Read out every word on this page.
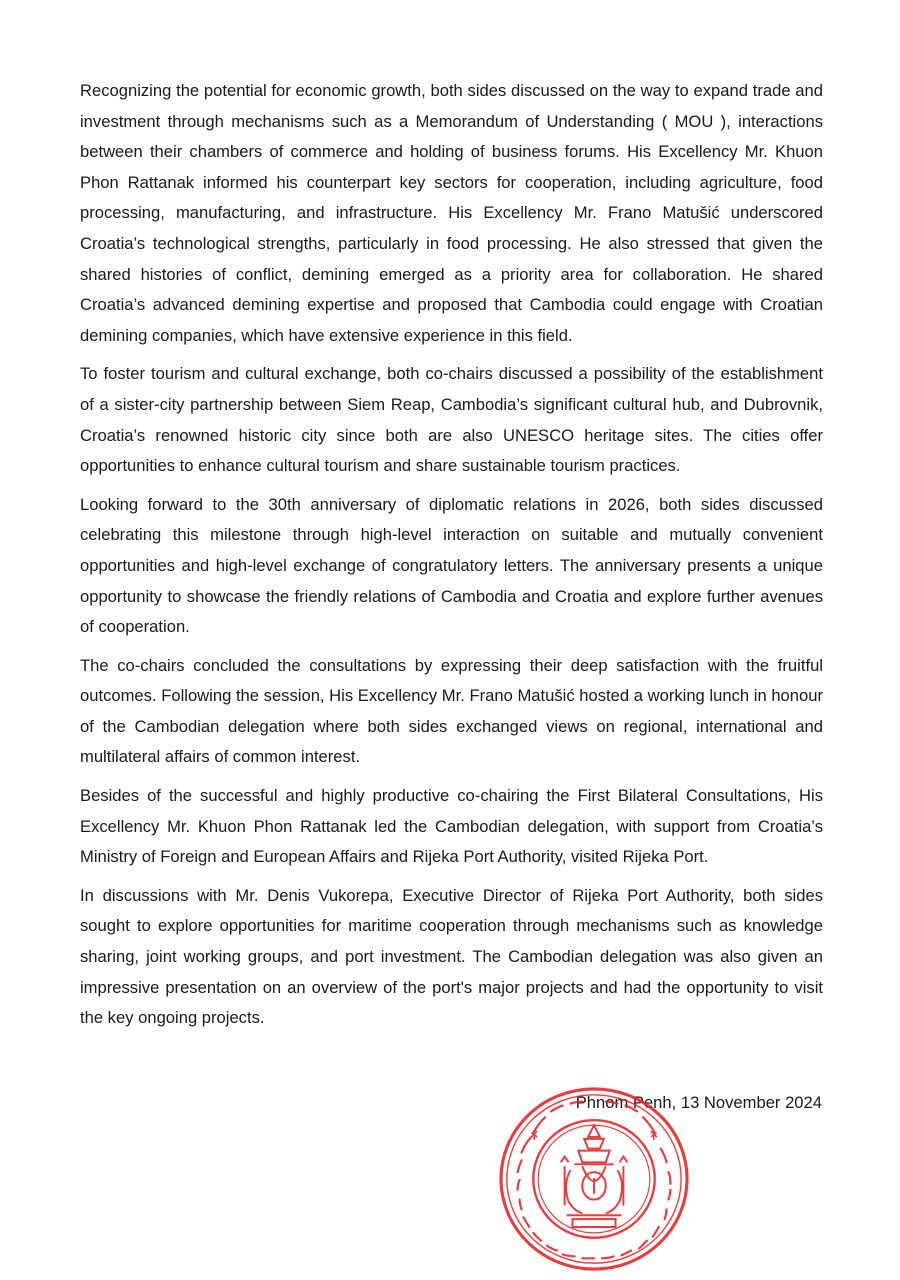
Recognizing the potential for economic growth, both sides discussed on the way to expand trade and investment through mechanisms such as a Memorandum of Understanding ( MOU ), interactions between their chambers of commerce and holding of business forums. His Excellency Mr. Khuon Phon Rattanak informed his counterpart key sectors for cooperation, including agriculture, food processing, manufacturing, and infrastructure. His Excellency Mr. Frano Matušić underscored Croatia’s technological strengths, particularly in food processing. He also stressed that given the shared histories of conflict, demining emerged as a priority area for collaboration. He shared Croatia’s advanced demining expertise and proposed that Cambodia could engage with Croatian demining companies, which have extensive experience in this field.

To foster tourism and cultural exchange, both co-chairs discussed a possibility of the establishment of a sister-city partnership between Siem Reap, Cambodia’s significant cultural hub, and Dubrovnik, Croatia’s renowned historic city since both are also UNESCO heritage sites. The cities offer opportunities to enhance cultural tourism and share sustainable tourism practices.

Looking forward to the 30th anniversary of diplomatic relations in 2026, both sides discussed celebrating this milestone through high-level interaction on suitable and mutually convenient opportunities and high-level exchange of congratulatory letters. The anniversary presents a unique opportunity to showcase the friendly relations of Cambodia and Croatia and explore further avenues of cooperation.

The co-chairs concluded the consultations by expressing their deep satisfaction with the fruitful outcomes. Following the session, His Excellency Mr. Frano Matušić hosted a working lunch in honour of the Cambodian delegation where both sides exchanged views on regional, international and multilateral affairs of common interest.

Besides of the successful and highly productive co-chairing the First Bilateral Consultations, His Excellency Mr. Khuon Phon Rattanak led the Cambodian delegation, with support from Croatia’s Ministry of Foreign and European Affairs and Rijeka Port Authority, visited Rijeka Port.

In discussions with Mr. Denis Vukorepa, Executive Director of Rijeka Port Authority, both sides sought to explore opportunities for maritime cooperation through mechanisms such as knowledge sharing, joint working groups, and port investment. The Cambodian delegation was also given an impressive presentation on an overview of the port's major projects and had the opportunity to visit the key ongoing projects.

Phnom Penh, 13 November 2024
